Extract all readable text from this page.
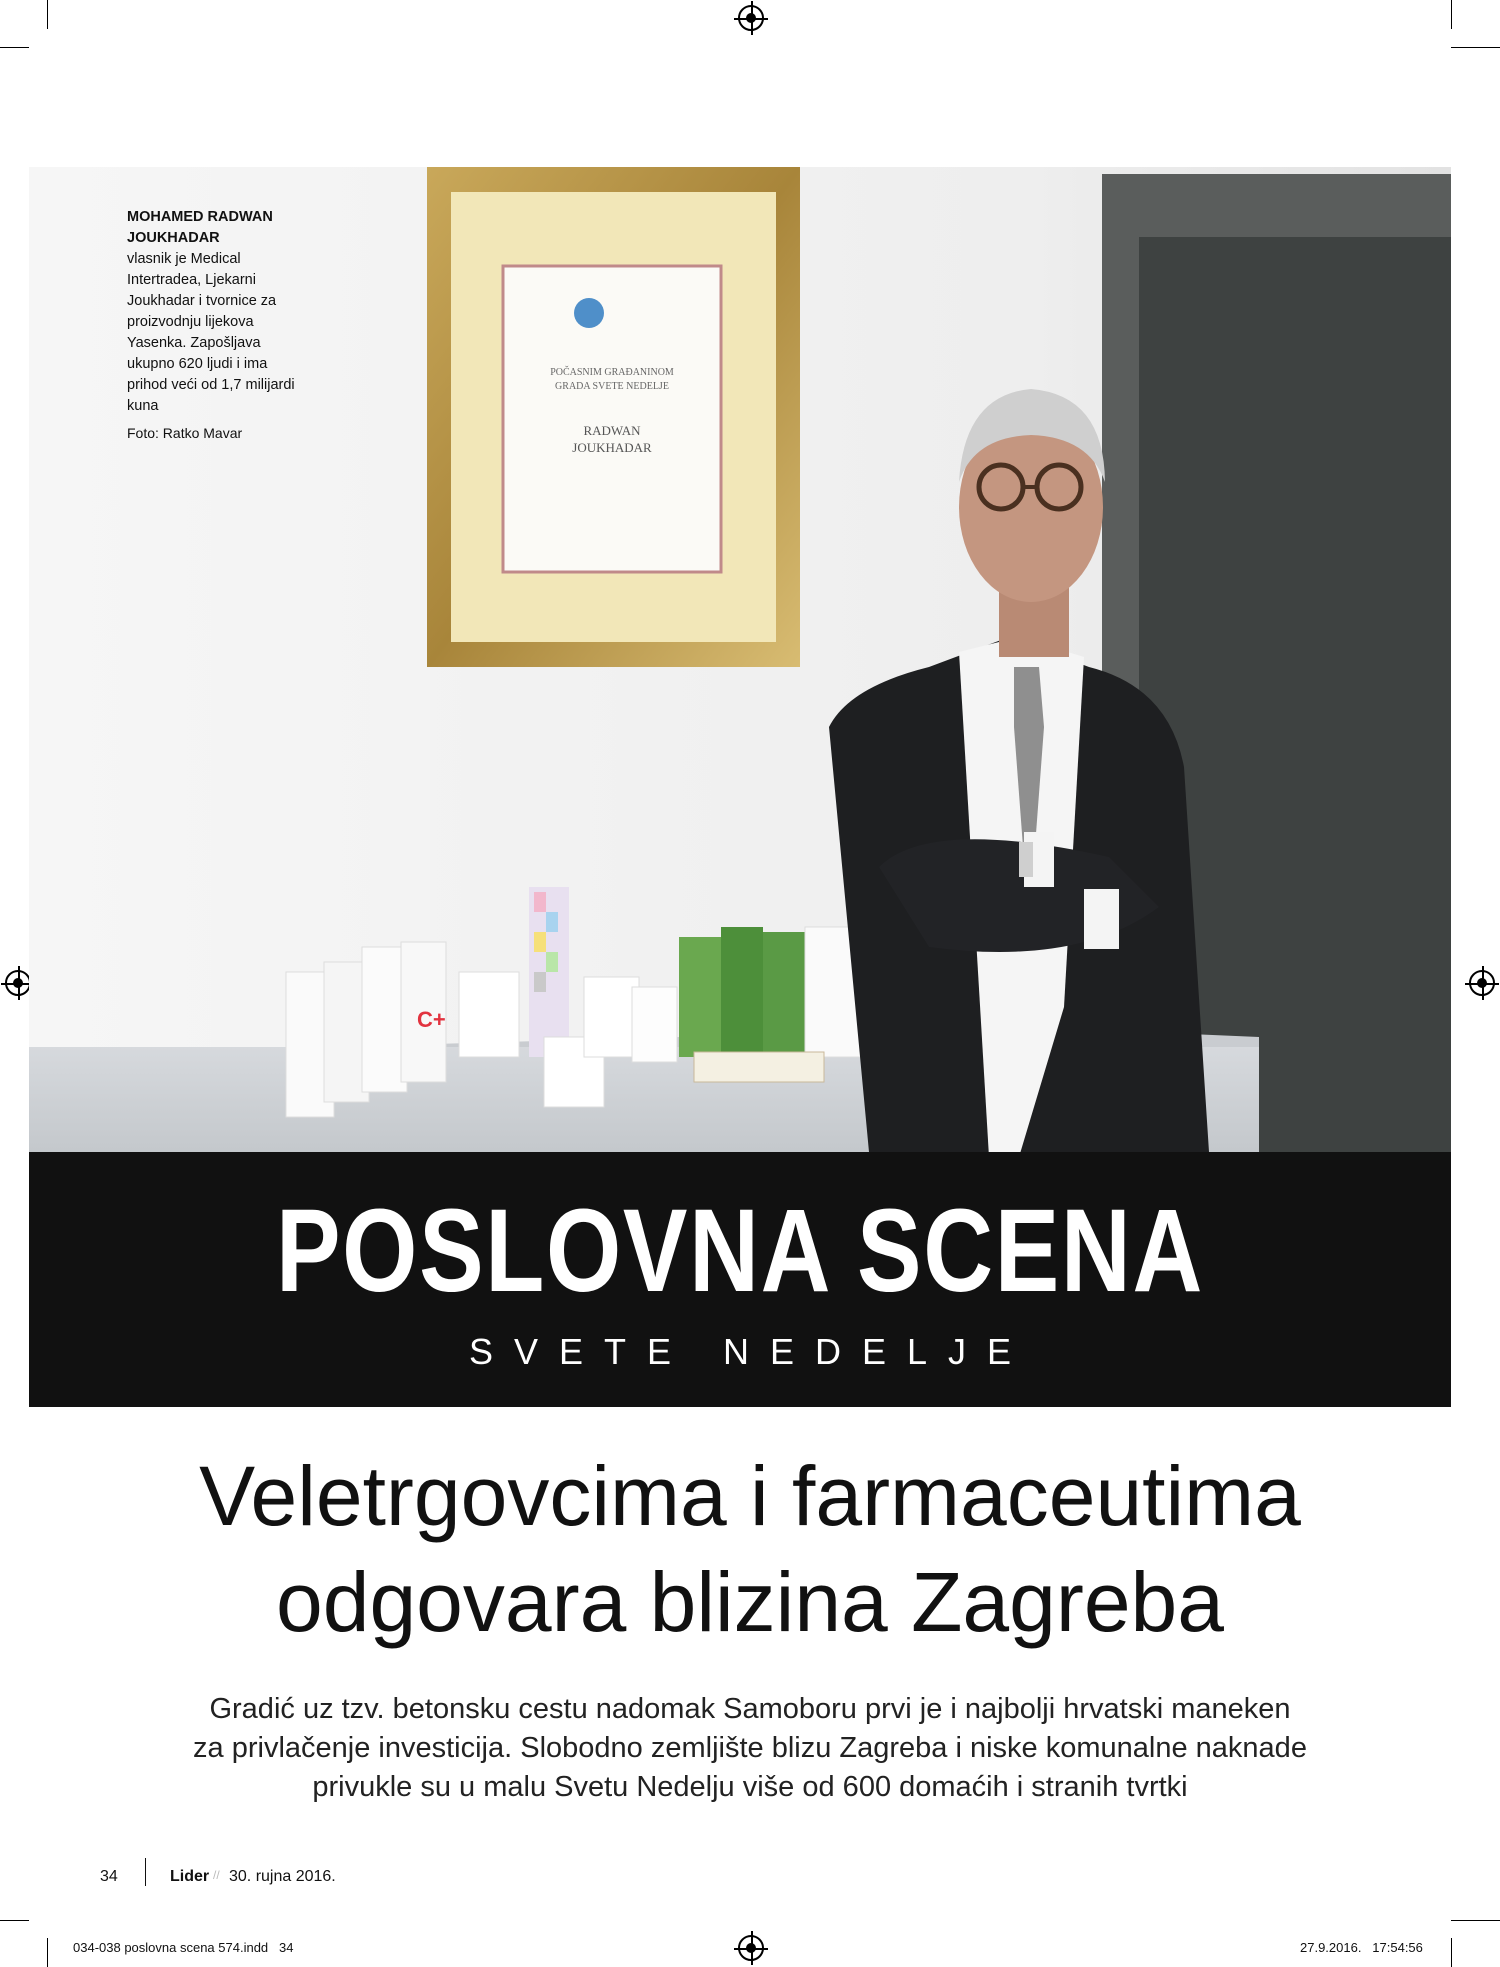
POČASNIM GRAĐANINOM
GRADA SVETE NEDELJE
RADWAN
JOUKHADAR
C+
MOHAMED RADWAN JOUKHADAR
vlasnik je Medical Intertradea, Ljekarni Joukhadar i tvornice za proizvodnju lijekova Yasenka. Zapošljava ukupno 620 ljudi i ima prihod veći od 1,7 milijardi kuna
Foto: Ratko Mavar
POSLOVNA SCENA
SVETE NEDELJE
Veletrgovcima i farmaceutima
odgovara blizina Zagreba

Gradić uz tzv. betonsku cestu nadomak Samoboru prvi je i najbolji hrvatski maneken
za privlačenje investicija. Slobodno zemljište blizu Zagreba i niske komunalne naknade
privukle su u malu Svetu Nedelju više od 600 domaćih i stranih tvrtki

34	Lider // 30. rujna 2016.
034-038 poslovna scena 574.indd   34	27.9.2016.   17:54:56
